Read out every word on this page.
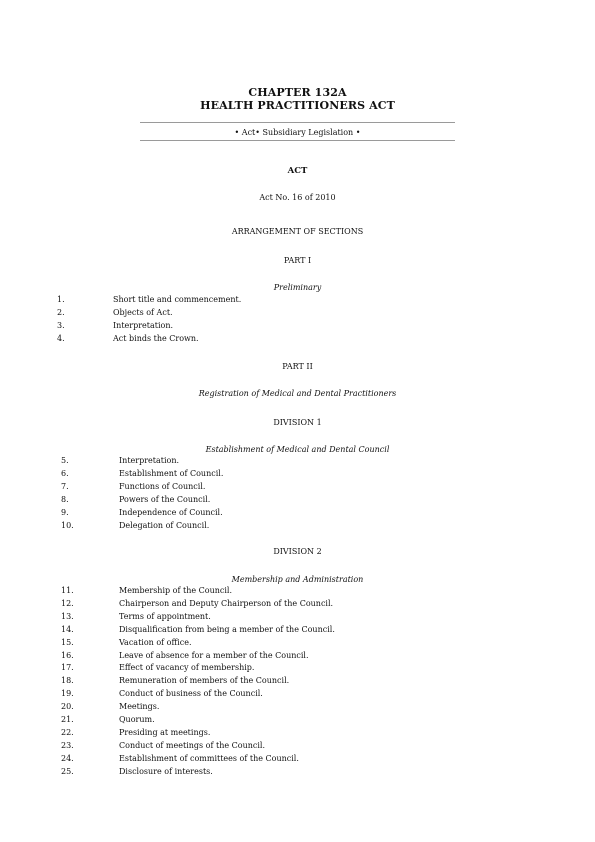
CHAPTER 132A
HEALTH PRACTITIONERS ACT
• Act• Subsidiary Legislation •
ACT
Act No. 16 of 2010
ARRANGEMENT OF SECTIONS
PART I
Preliminary
1.	Short title and commencement.
2.	Objects of Act.
3.	Interpretation.
4.	Act binds the Crown.
PART II
Registration of Medical and Dental Practitioners
DIVISION 1
Establishment of Medical and Dental Council
5.	Interpretation.
6.	Establishment of Council.
7.	Functions of Council.
8.	Powers of the Council.
9.	Independence of Council.
10.	Delegation of Council.
DIVISION 2
Membership and Administration
11.	Membership of the Council.
12.	Chairperson and Deputy Chairperson of the Council.
13.	Terms of appointment.
14.	Disqualification from being a member of the Council.
15.	Vacation of office.
16.	Leave of absence for a member of the Council.
17.	Effect of vacancy of membership.
18.	Remuneration of members of the Council.
19.	Conduct of business of the Council.
20.	Meetings.
21.	Quorum.
22.	Presiding at meetings.
23.	Conduct of meetings of the Council.
24.	Establishment of committees of the Council.
25.	Disclosure of interests.
